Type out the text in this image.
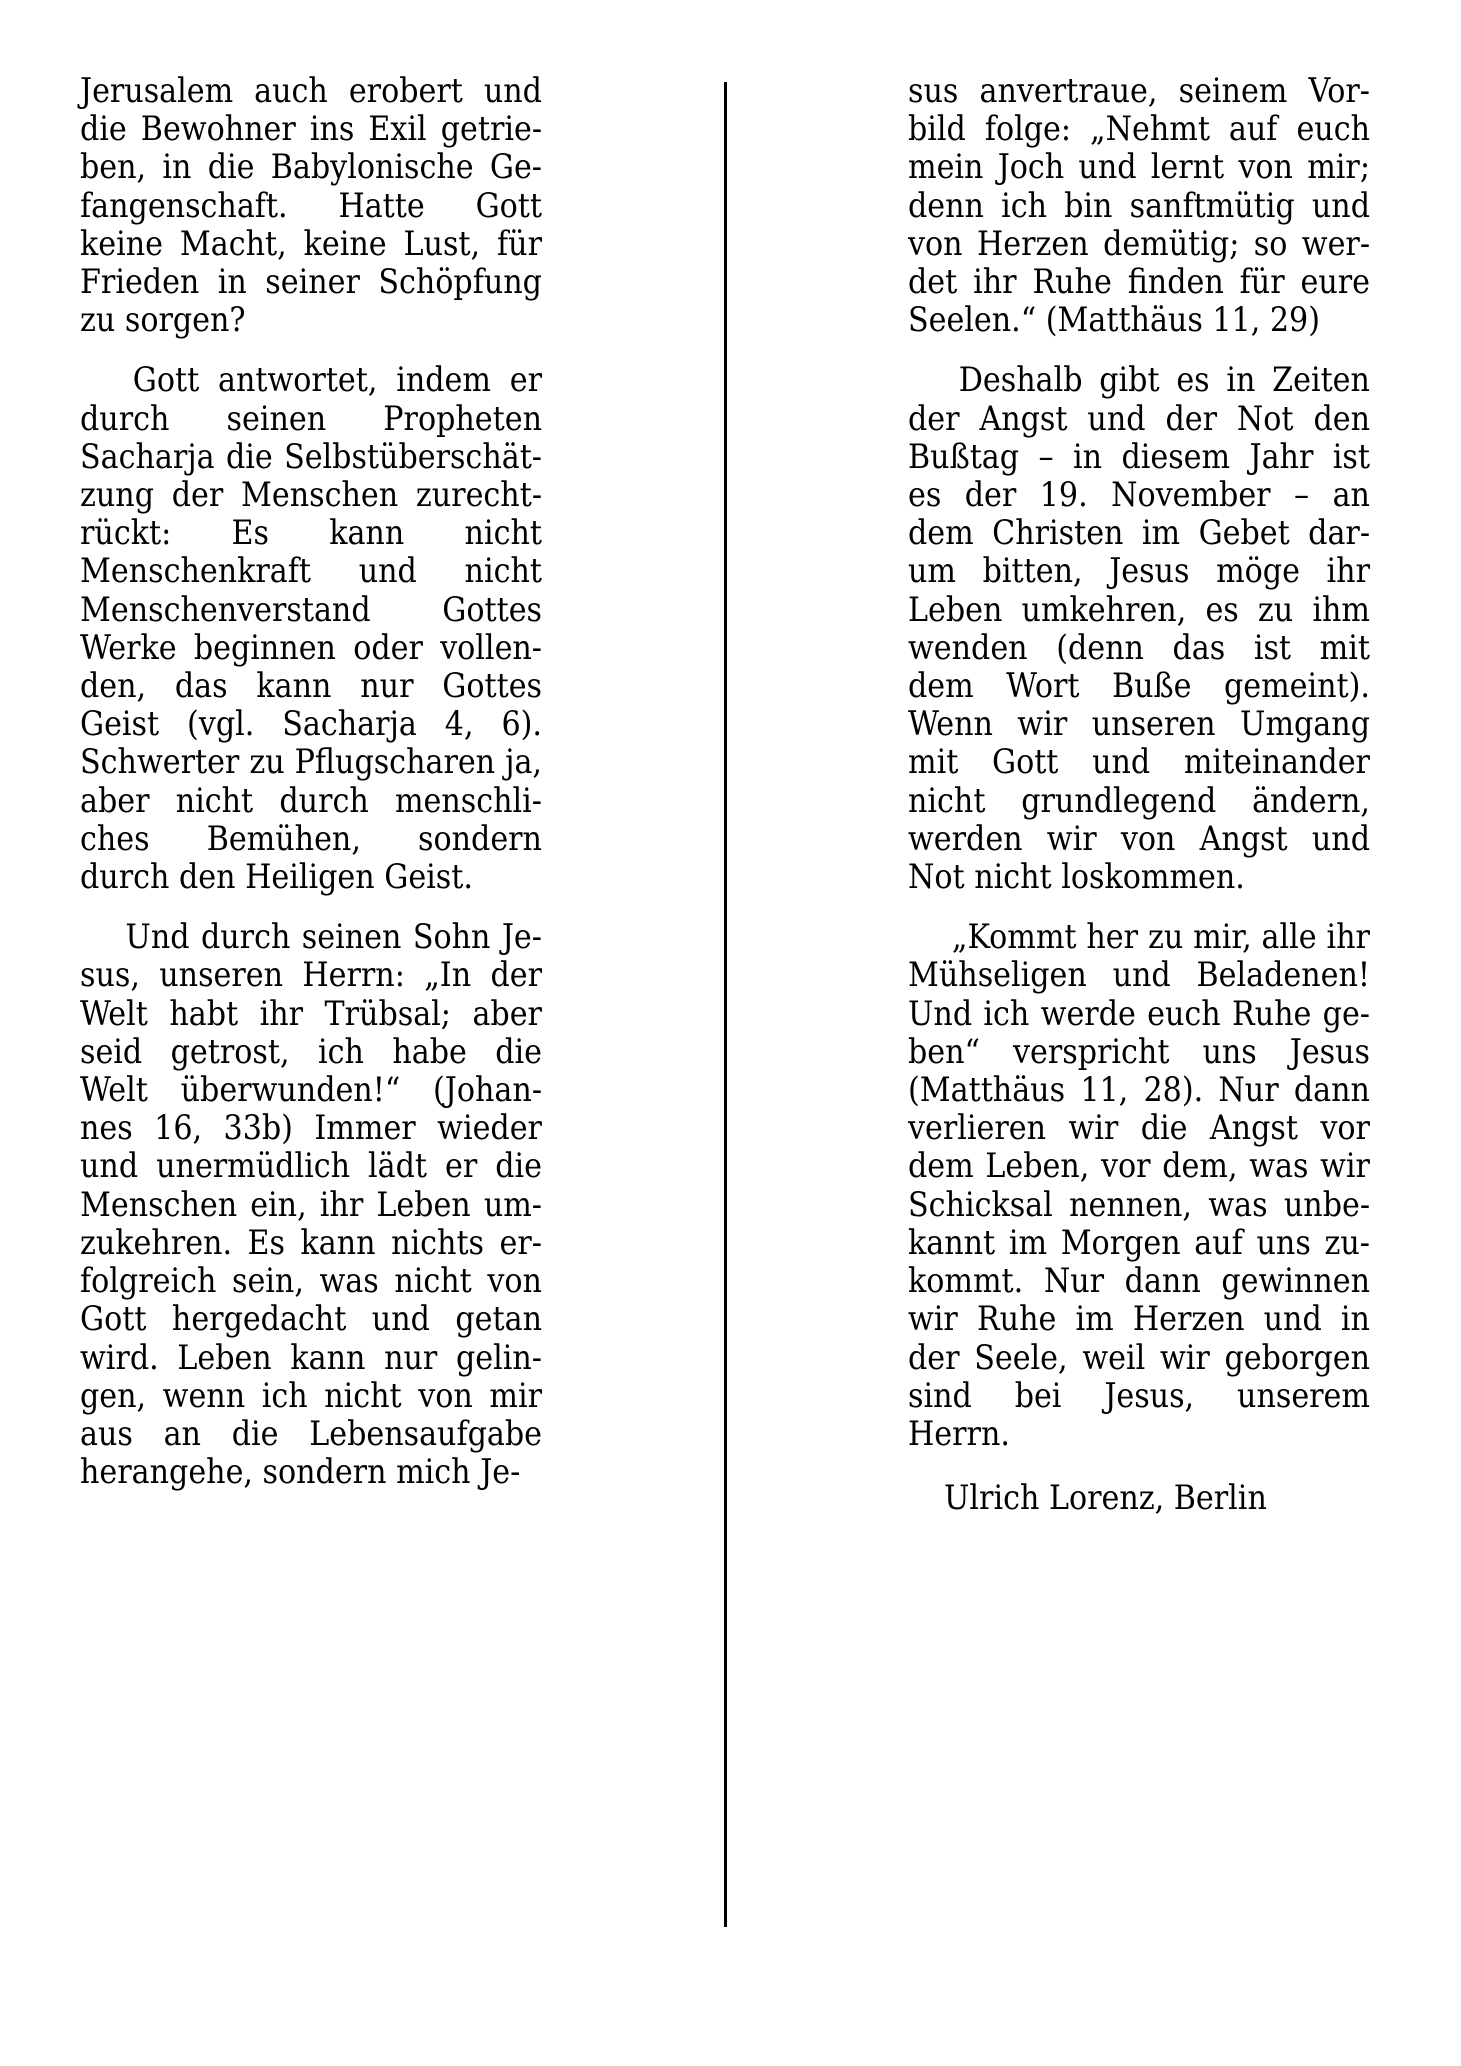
Jerusalem auch erobert und
die Bewohner ins Exil getrie-
ben, in die Babylonische Ge-
fangenschaft. Hatte Gott
keine Macht, keine Lust, für
Frieden in seiner Schöpfung
zu
sorgen?
Gott antwortet, indem er
durch seinen Propheten
Sacharja die Selbstüberschät-
zung der Menschen zurecht-
rückt: Es kann nicht
Menschenkraft und nicht
Menschenverstand Gottes
Werke beginnen oder vollen-
den, das kann nur Gottes
Geist (vgl. Sacharja 4, 6).
Schwerter zu Pflugscharen ja,
aber nicht durch menschli-
ches Bemühen, sondern
durch
den
Heiligen
Geist.
Und durch seinen Sohn Je-
sus, unseren Herrn: „In der
Welt habt ihr Trübsal; aber
seid getrost, ich habe die
Welt überwunden!“ (Johan-
nes 16, 33b) Immer wieder
und unermüdlich lädt er die
Menschen ein, ihr Leben um-
zukehren. Es kann nichts er-
folgreich sein, was nicht von
Gott hergedacht und getan
wird. Leben kann nur gelin-
gen, wenn ich nicht von mir
aus an die Lebensaufgabe
herangehe,
sondern
mich
Je-
sus anvertraue, seinem Vor-
bild folge: „Nehmt auf euch
mein Joch und lernt von mir;
denn ich bin sanftmütig und
von Herzen demütig; so wer-
det ihr Ruhe finden für eure
Seelen.“
(Matthäus
11,
29)
Deshalb gibt es in Zeiten
der Angst und der Not den
Bußtag – in diesem Jahr ist
es der 19. November – an
dem Christen im Gebet dar-
um bitten, Jesus möge ihr
Leben umkehren, es zu ihm
wenden (denn das ist mit
dem Wort Buße gemeint).
Wenn wir unseren Umgang
mit Gott und miteinander
nicht grundlegend ändern,
werden wir von Angst und
Not
nicht
loskommen.
„Kommt her zu mir, alle ihr
Mühseligen und Beladenen!
Und ich werde euch Ruhe ge-
ben“ verspricht uns Jesus
(Matthäus 11, 28). Nur dann
verlieren wir die Angst vor
dem Leben, vor dem, was wir
Schicksal nennen, was unbe-
kannt im Morgen auf uns zu-
kommt. Nur dann gewinnen
wir Ruhe im Herzen und in
der Seele, weil wir geborgen
sind bei Jesus, unserem
Herrn.
Ulrich Lorenz, Berlin
